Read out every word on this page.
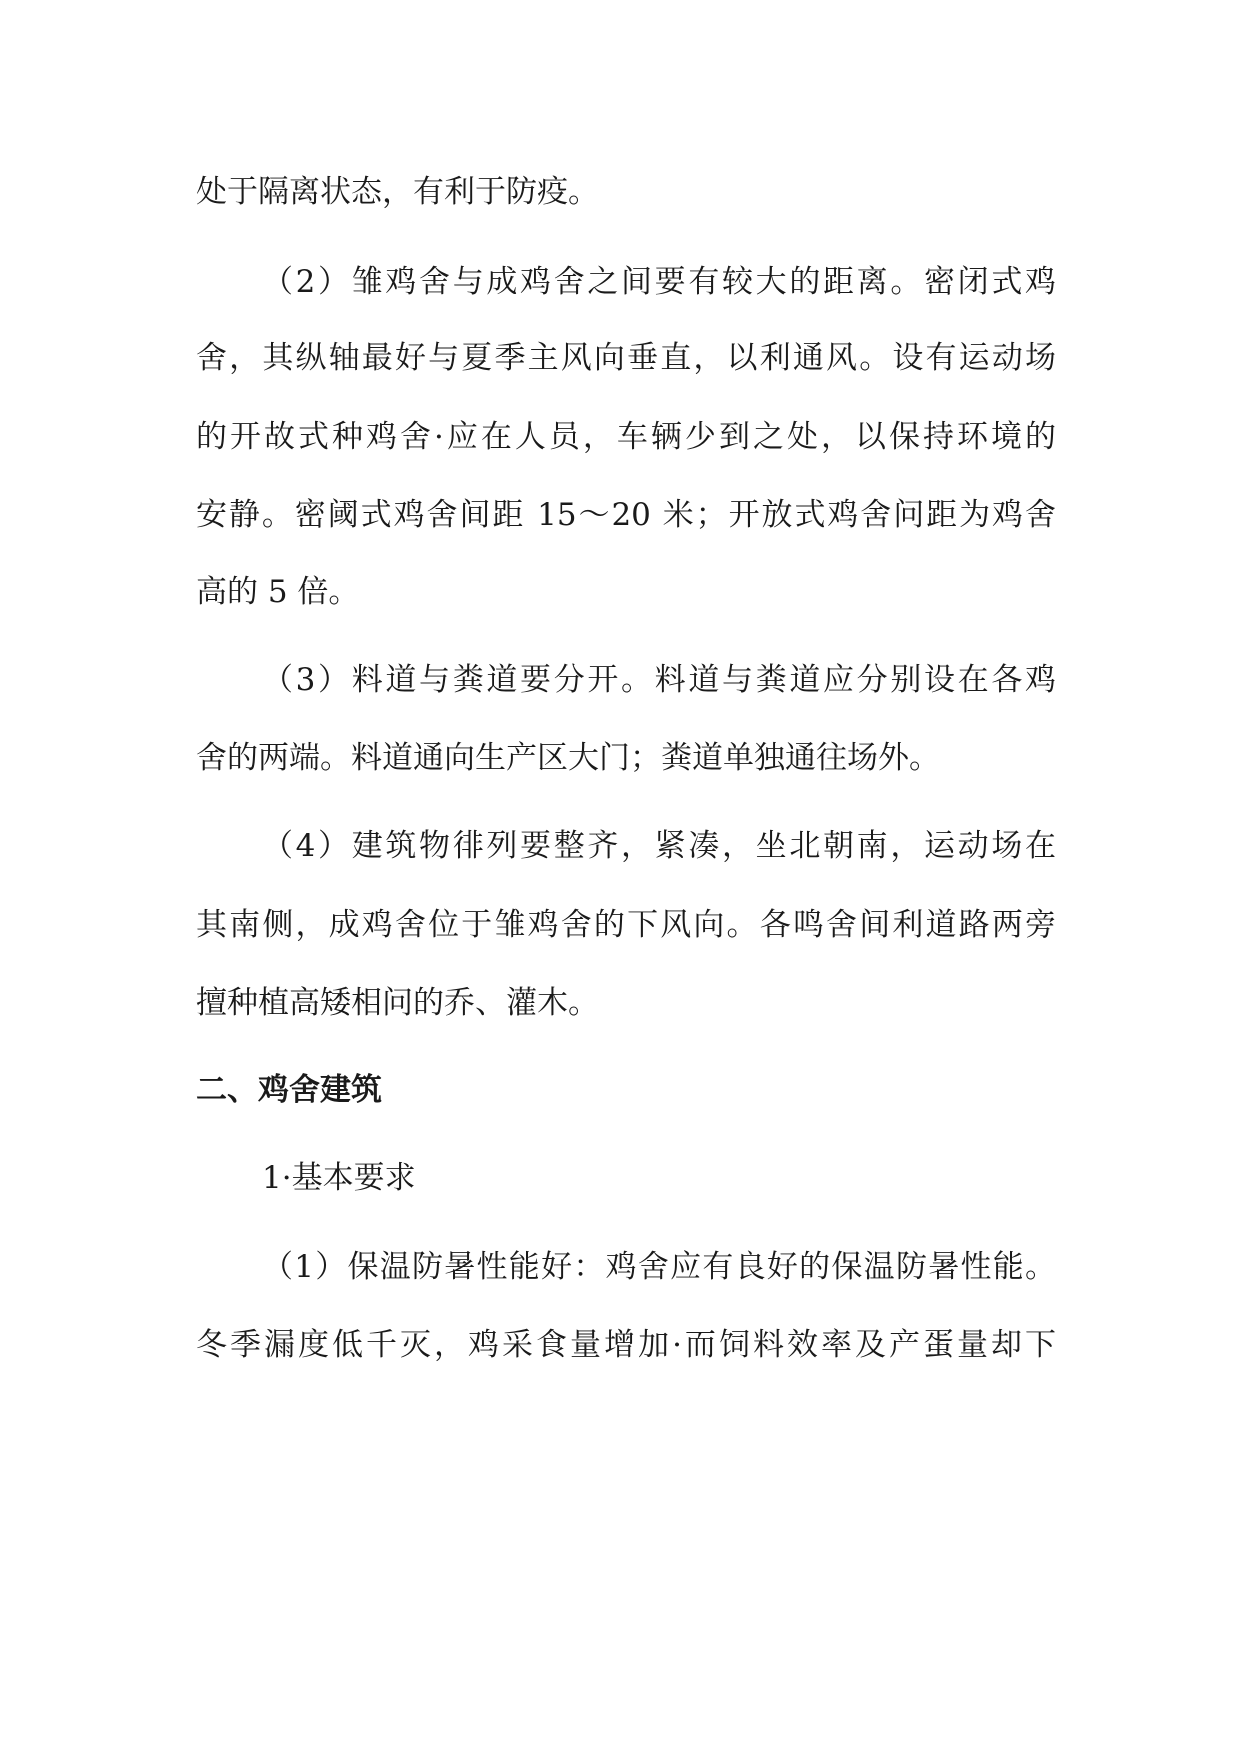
处于隔离状态，有利于防疫。
（2）雏鸡舍与成鸡舍之间要有较大的距离。密闭式鸡
舍，其纵轴最好与夏季主风向垂直，以利通风。设有运动场
的开故式种鸡舍·应在人员，车辆少到之处，以保持环境的
安静。密阈式鸡舍间距 15～20 米；开放式鸡舍问距为鸡舍
高的 5 倍。
（3）料道与粪道要分开。料道与粪道应分别设在各鸡
舍的两端。料道通向生产区大门；粪道单独通往场外。
（4）建筑物徘列要整齐，紧凑，坐北朝南，运动场在
其南侧，成鸡舍位于雏鸡舍的下风向。各鸣舍间利道路两旁
擅种植高矮相问的乔、灌木。
二、鸡舍建筑
1·基本要求
（1）保温防暑性能好：鸡舍应有良好的保温防暑性能。
冬季漏度低千灭，鸡采食量增加·而饲料效率及产蛋量却下
